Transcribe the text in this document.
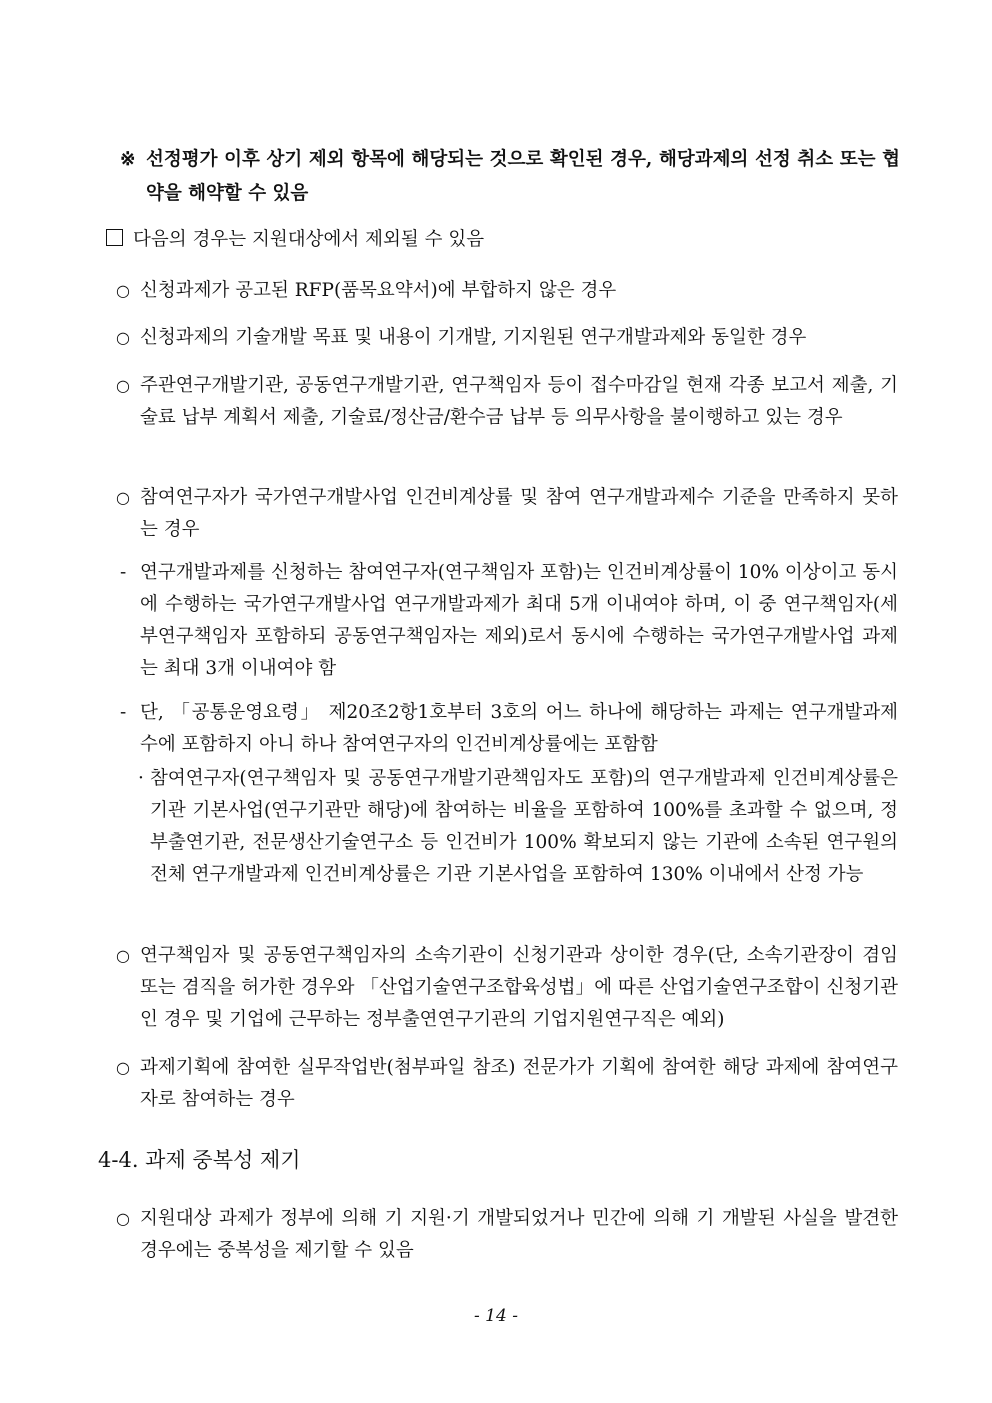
※ 선정평가 이후 상기 제외 항목에 해당되는 것으로 확인된 경우, 해당과제의 선정 취소 또는 협약을 해약할 수 있음
다음의 경우는 지원대상에서 제외될 수 있음
○ 신청과제가 공고된 RFP(품목요약서)에 부합하지 않은 경우
○ 신청과제의 기술개발 목표 및 내용이 기개발, 기지원된 연구개발과제와 동일한 경우
○ 주관연구개발기관, 공동연구개발기관, 연구책임자 등이 접수마감일 현재 각종 보고서 제출, 기술료 납부 계획서 제출, 기술료/정산금/환수금 납부 등 의무사항을 불이행하고 있는 경우
○ 참여연구자가 국가연구개발사업 인건비계상률 및 참여 연구개발과제수 기준을 만족하지 못하는 경우
- 연구개발과제를 신청하는 참여연구자(연구책임자 포함)는 인건비계상률이 10% 이상이고 동시에 수행하는 국가연구개발사업 연구개발과제가 최대 5개 이내여야 하며, 이 중 연구책임자(세부연구책임자 포함하되 공동연구책임자는 제외)로서 동시에 수행하는 국가연구개발사업 과제는 최대 3개 이내여야 함
- 단, 「공통운영요령」 제20조2항1호부터 3호의 어느 하나에 해당하는 과제는 연구개발과제 수에 포함하지 아니 하나 참여연구자의 인건비계상률에는 포함함
· 참여연구자(연구책임자 및 공동연구개발기관책임자도 포함)의 연구개발과제 인건비계상률은 기관 기본사업(연구기관만 해당)에 참여하는 비율을 포함하여 100%를 초과할 수 없으며, 정부출연기관, 전문생산기술연구소 등 인건비가 100% 확보되지 않는 기관에 소속된 연구원의 전체 연구개발과제 인건비계상률은 기관 기본사업을 포함하여 130% 이내에서 산정 가능
○ 연구책임자 및 공동연구책임자의 소속기관이 신청기관과 상이한 경우(단, 소속기관장이 겸임 또는 겸직을 허가한 경우와 「산업기술연구조합육성법」에 따른 산업기술연구조합이 신청기관인 경우 및 기업에 근무하는 정부출연연구기관의 기업지원연구직은 예외)
○ 과제기획에 참여한 실무작업반(첨부파일 참조) 전문가가 기획에 참여한 해당 과제에 참여연구자로 참여하는 경우
4-4. 과제 중복성 제기
○ 지원대상 과제가 정부에 의해 기 지원·기 개발되었거나 민간에 의해 기 개발된 사실을 발견한 경우에는 중복성을 제기할 수 있음
- 14 -
